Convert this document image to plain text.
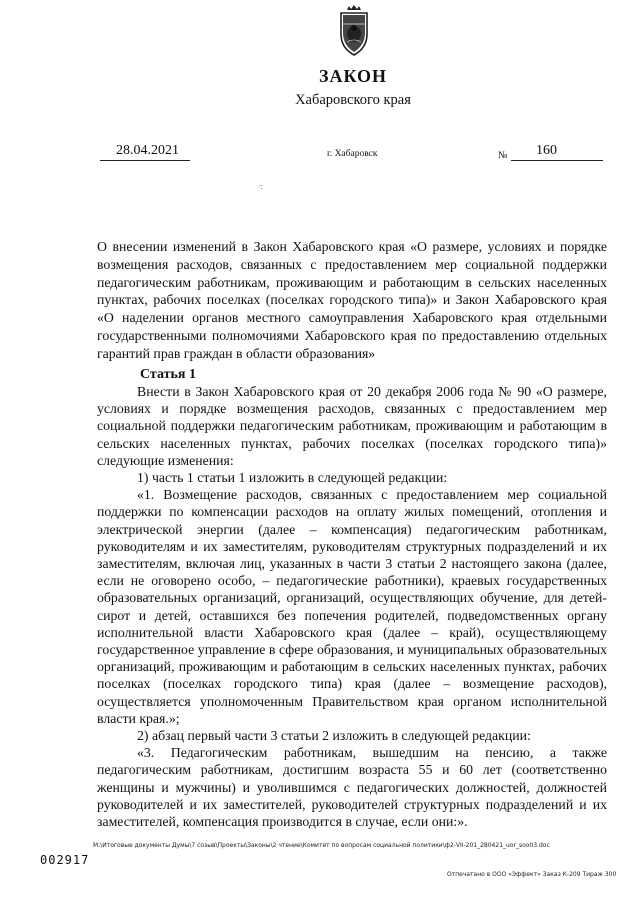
ЗАКОН
Хабаровского края
28.04.2021	г. Хабаровск	№ 160
·:

О внесении изменений в Закон Хабаровского края «О размере, условиях и порядке возмещения расходов, связанных с предоставлением мер социальной поддержки педагогическим работникам, проживающим и работающим в сельских населенных пунктах, рабочих поселках (поселках городского типа)» и Закон Хабаровского края «О наделении органов местного самоуправления Хабаровского края отдельными государственными полномочиями Хабаровского края по предоставлению отдельных гарантий прав граждан в области образования»

Статья 1

Внести в Закон Хабаровского края от 20 декабря 2006 года № 90 «О размере, условиях и порядке возмещения расходов, связанных с предоставлением мер социальной поддержки педагогическим работникам, проживающим и работающим в сельских населенных пунктах, рабочих поселках (поселках городского типа)» следующие изменения:

1) часть 1 статьи 1 изложить в следующей редакции:

«1. Возмещение расходов, связанных с предоставлением мер социальной поддержки по компенсации расходов на оплату жилых помещений, отопления и электрической энергии (далее – компенсация) педагогическим работникам, руководителям и их заместителям, руководителям структурных подразделений и их заместителям, включая лиц, указанных в части 3 статьи 2 настоящего закона (далее, если не оговорено особо, – педагогические работники), краевых государственных образовательных организаций, организаций, осуществляющих обучение, для детей-сирот и детей, оставшихся без попечения родителей, подведомственных органу исполнительной власти Хабаровского края (далее – край), осуществляющему государственное управление в сфере образования, и муниципальных образовательных организаций, проживающим и работающим в сельских населенных пунктах, рабочих поселках (поселках городского типа) края (далее – возмещение расходов), осуществляется уполномоченным Правительством края органом исполнительной власти края.»;

2) абзац первый части 3 статьи 2 изложить в следующей редакции:

«3. Педагогическим работникам, вышедшим на пенсию, а также педагогическим работникам, достигшим возраста 55 и 60 лет (соответственно женщины и мужчины) и уволившимся с педагогических должностей, должностей руководителей и их заместителей, руководителей структурных подразделений и их заместителей, компенсация производится в случае, если они:».

M:\Итоговые документы Думы\7 созыв\Проекты\Законы\2 чтение\Комитет по вопросам социальной политики\ф2-VII-201_280421_uor_soo03.doc
002917
Отпечатано в ООО «Эффект» Заказ К-209 Тираж 300
